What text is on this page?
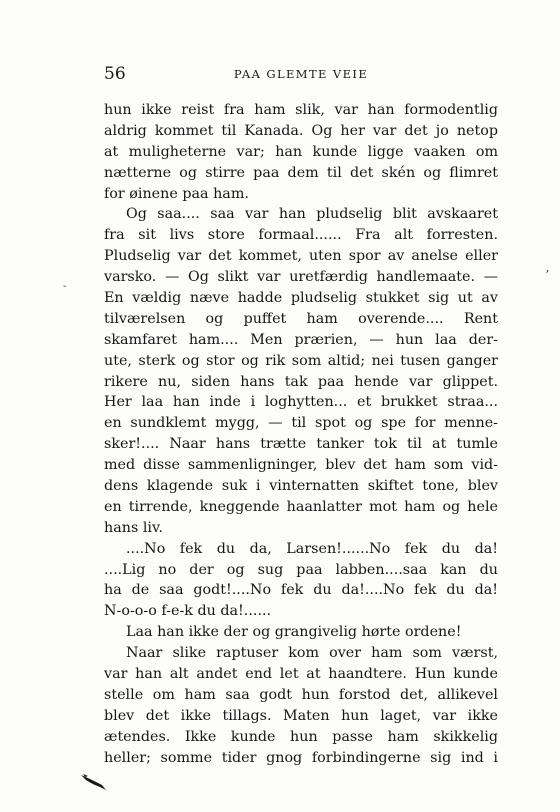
56	PAA GLEMTE VEIE
hun ikke reist fra ham slik, var han formodentlig
aldrig kommet til Kanada. Og her var det jo netop
at muligheterne var; han kunde ligge vaaken om
nætterne og stirre paa dem til det skén og flimret
for øinene paa ham.
Og saa.... saa var han pludselig blit avskaaret
fra sit livs store formaal...... Fra alt forresten.
Pludselig var det kommet, uten spor av anelse eller
varsko. — Og slikt var uretfærdig handlemaate. —
En vældig næve hadde pludselig stukket sig ut av
tilværelsen og puffet ham overende.... Rent
skamfaret ham.... Men prærien, — hun laa der-
ute, sterk og stor og rik som altid; nei tusen ganger
rikere nu, siden hans tak paa hende var glippet.
Her laa han inde i loghytten... et brukket straa...
en sundklemt mygg, — til spot og spe for menne-
sker!.... Naar hans trætte tanker tok til at tumle
med disse sammenligninger, blev det ham som vid-
dens klagende suk i vinternatten skiftet tone, blev
en tirrende, kneggende haanlatter mot ham og hele
hans liv.
....No fek du da, Larsen!......No fek du da!
....Lig no der og sug paa labben....saa kan du
ha de saa godt!....No fek du da!....No fek du da!
N-o-o-o f-e-k du da!......
Laa han ikke der og grangivelig hørte ordene!
Naar slike raptuser kom over ham som værst,
var han alt andet end let at haandtere. Hun kunde
stelle om ham saa godt hun forstod det, allikevel
blev det ikke tillags. Maten hun laget, var ikke
ætendes. Ikke kunde hun passe ham skikkelig
heller; somme tider gnog forbindingerne sig ind i
-
ʼ
